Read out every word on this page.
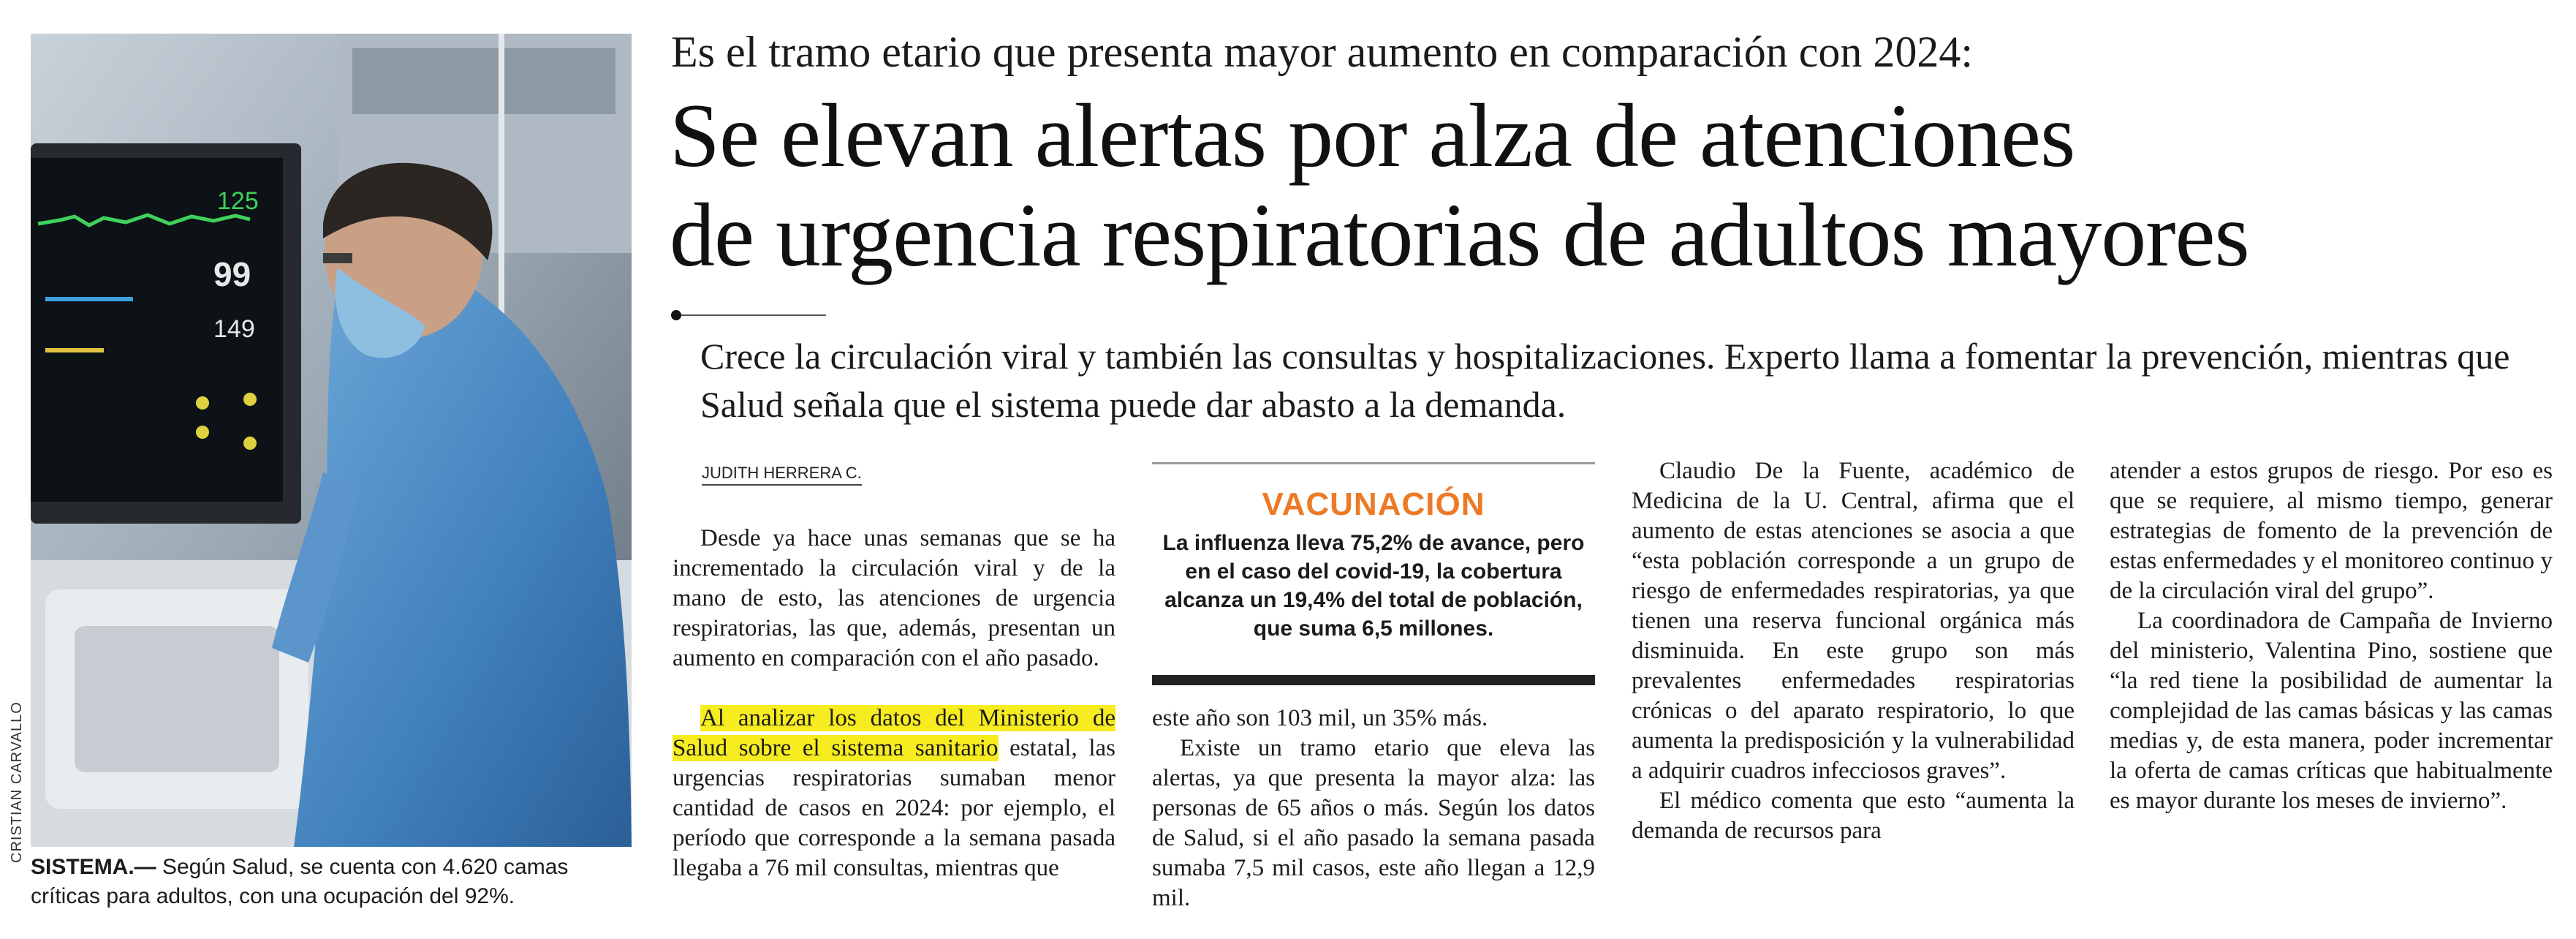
125
99
149
CRISTIAN CARVALLO
SISTEMA.— Según Salud, se cuenta con 4.620 camas críticas para adultos, con una ocupación del 92%.
Es el tramo etario que presenta mayor aumento en comparación con 2024:
Se elevan alertas por alza de atenciones
de urgencia respiratorias de adultos mayores
Crece la circulación viral y también las consultas y hospitalizaciones. Experto llama a fomentar la prevención, mientras que Salud señala que el sistema puede dar abasto a la demanda.
JUDITH HERRERA C.

Desde ya hace unas semanas que se ha incrementado la circulación viral y de la mano de esto, las atenciones de urgencia respiratorias, las que, además, presentan un aumento en comparación con el año pasado.

Al analizar los datos del Ministerio de Salud sobre el sistema sanitario estatal, las urgencias respiratorias sumaban menor cantidad de casos en 2024: por ejemplo, el período que corresponde a la semana pasada llegaba a 76 mil consultas, mientras que

VACUNACIÓN
La influenza lleva 75,2% de avance, pero en el caso del covid-19, la cobertura alcanza un 19,4% del total de población, que suma 6,5 millones.

este año son 103 mil, un 35% más.

Existe un tramo etario que eleva las alertas, ya que presenta la mayor alza: las personas de 65 años o más. Según los datos de Salud, si el año pasado la semana pasada sumaba 7,5 mil casos, este año llegan a 12,9 mil.

Claudio De la Fuente, académico de Medicina de la U. Central, afirma que el aumento de estas atenciones se asocia a que “esta población corresponde a un grupo de riesgo de enfermedades respiratorias, ya que tienen una reserva funcional orgánica más disminuida. En este grupo son más prevalentes enfermedades respiratorias crónicas o del aparato respiratorio, lo que aumenta la predisposición y la vulnerabilidad a adquirir cuadros infecciosos graves”.

El médico comenta que esto “aumenta la demanda de recursos para

atender a estos grupos de riesgo. Por eso es que se requiere, al mismo tiempo, generar estrategias de fomento de la prevención de estas enfermedades y el monitoreo continuo y de la circulación viral del grupo”.

La coordinadora de Campaña de Invierno del ministerio, Valentina Pino, sostiene que “la red tiene la posibilidad de aumentar la complejidad de las camas básicas y las camas medias y, de esta manera, poder incrementar la oferta de camas críticas que habitualmente es mayor durante los meses de invierno”.
